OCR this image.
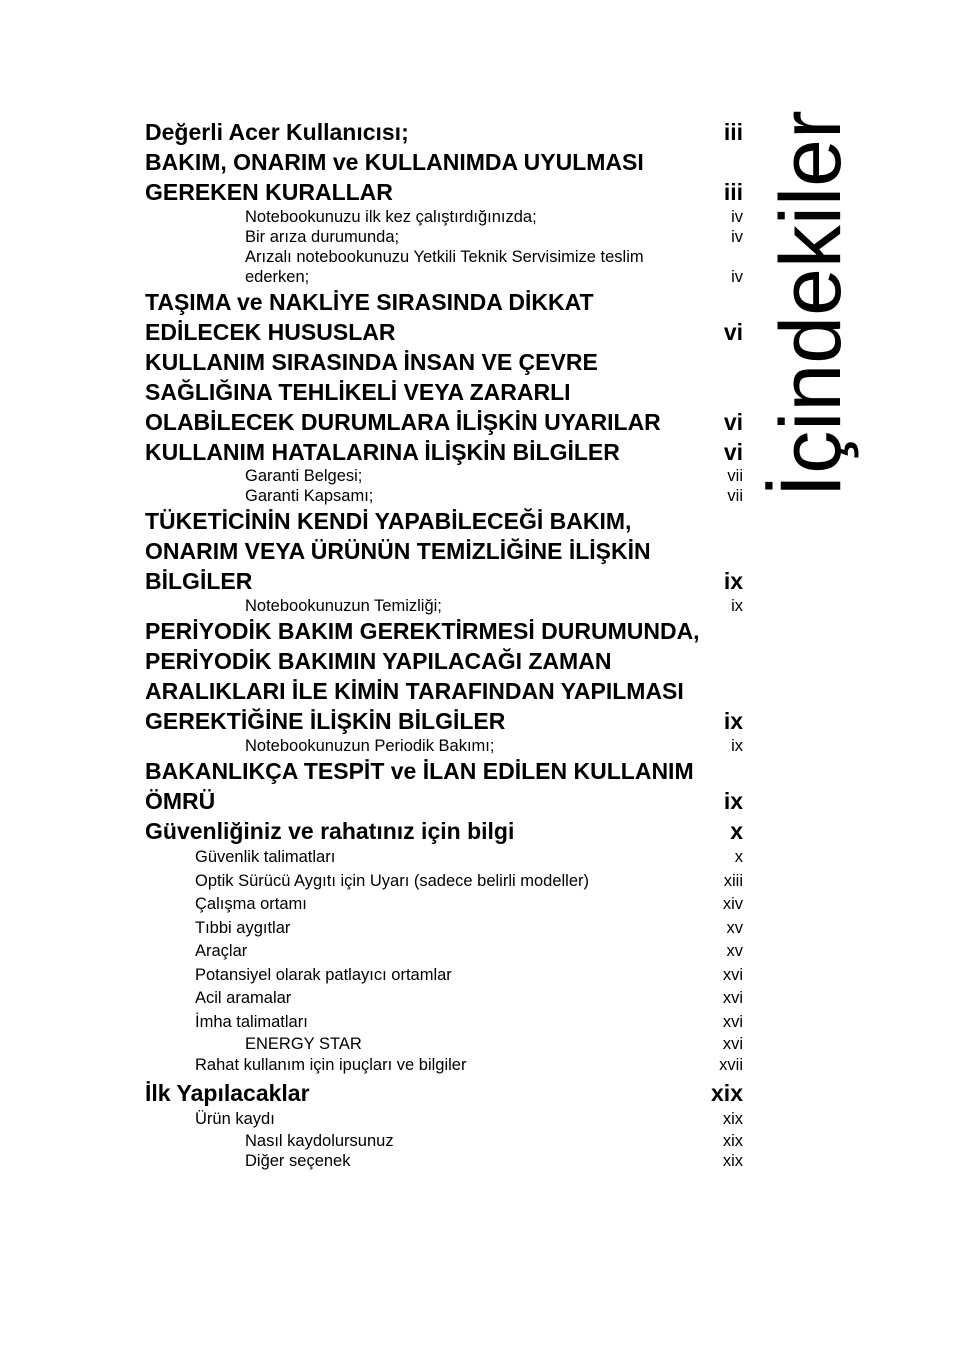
İçindekiler
Değerli Acer Kullanıcısı;	iii
BAKIM, ONARIM ve KULLANIMDA UYULMASI GEREKEN KURALLAR	iii
Notebookunuzu ilk kez çalıştırdığınızda;	iv
Bir arıza durumunda;	iv
Arızalı notebookunuzu Yetkili Teknik Servisimize teslim ederken;	iv
TAŞIMA ve NAKLİYE SIRASINDA DİKKAT EDİLECEK HUSUSLAR	vi
KULLANIM SIRASINDA İNSAN VE ÇEVRE SAĞLIĞINA TEHLİKELİ VEYA ZARARLI OLABİLECEK DURUMLARA İLİŞKİN UYARILAR	vi
KULLANIM HATALARINA İLİŞKİN BİLGİLER	vi
Garanti Belgesi;	vii
Garanti Kapsamı;	vii
TÜKETİCİNİN KENDİ YAPABİLECEĞİ BAKIM, ONARIM VEYA ÜRÜNÜN TEMİZLİĞİNE İLİŞKİN BİLGİLER	ix
Notebookunuzun Temizliği;	ix
PERİYODİK BAKIM GEREKTİRMESİ DURUMUNDA, PERİYODİK BAKIMIN YAPILACAĞI ZAMAN ARALIKLARI İLE KİMİN TARAFINDAN YAPILMASI GEREKTİĞİNE İLİŞKİN BİLGİLER	ix
Notebookunuzun Periodik Bakımı;	ix
BAKANLIKÇA TESPİT ve İLAN EDİLEN KULLANIM ÖMRÜ	ix
Güvenliğiniz ve rahatınız için bilgi	x
Güvenlik talimatları	x
Optik Sürücü Aygıtı için Uyarı (sadece belirli modeller)	xiii
Çalışma ortamı	xiv
Tıbbi aygıtlar	xv
Araçlar	xv
Potansiyel olarak patlayıcı ortamlar	xvi
Acil aramalar	xvi
İmha talimatları	xvi
ENERGY STAR	xvi
Rahat kullanım için ipuçları ve bilgiler	xvii
İlk Yapılacaklar	xix
Ürün kaydı	xix
Nasıl kaydolursunuz	xix
Diğer seçenek	xix
